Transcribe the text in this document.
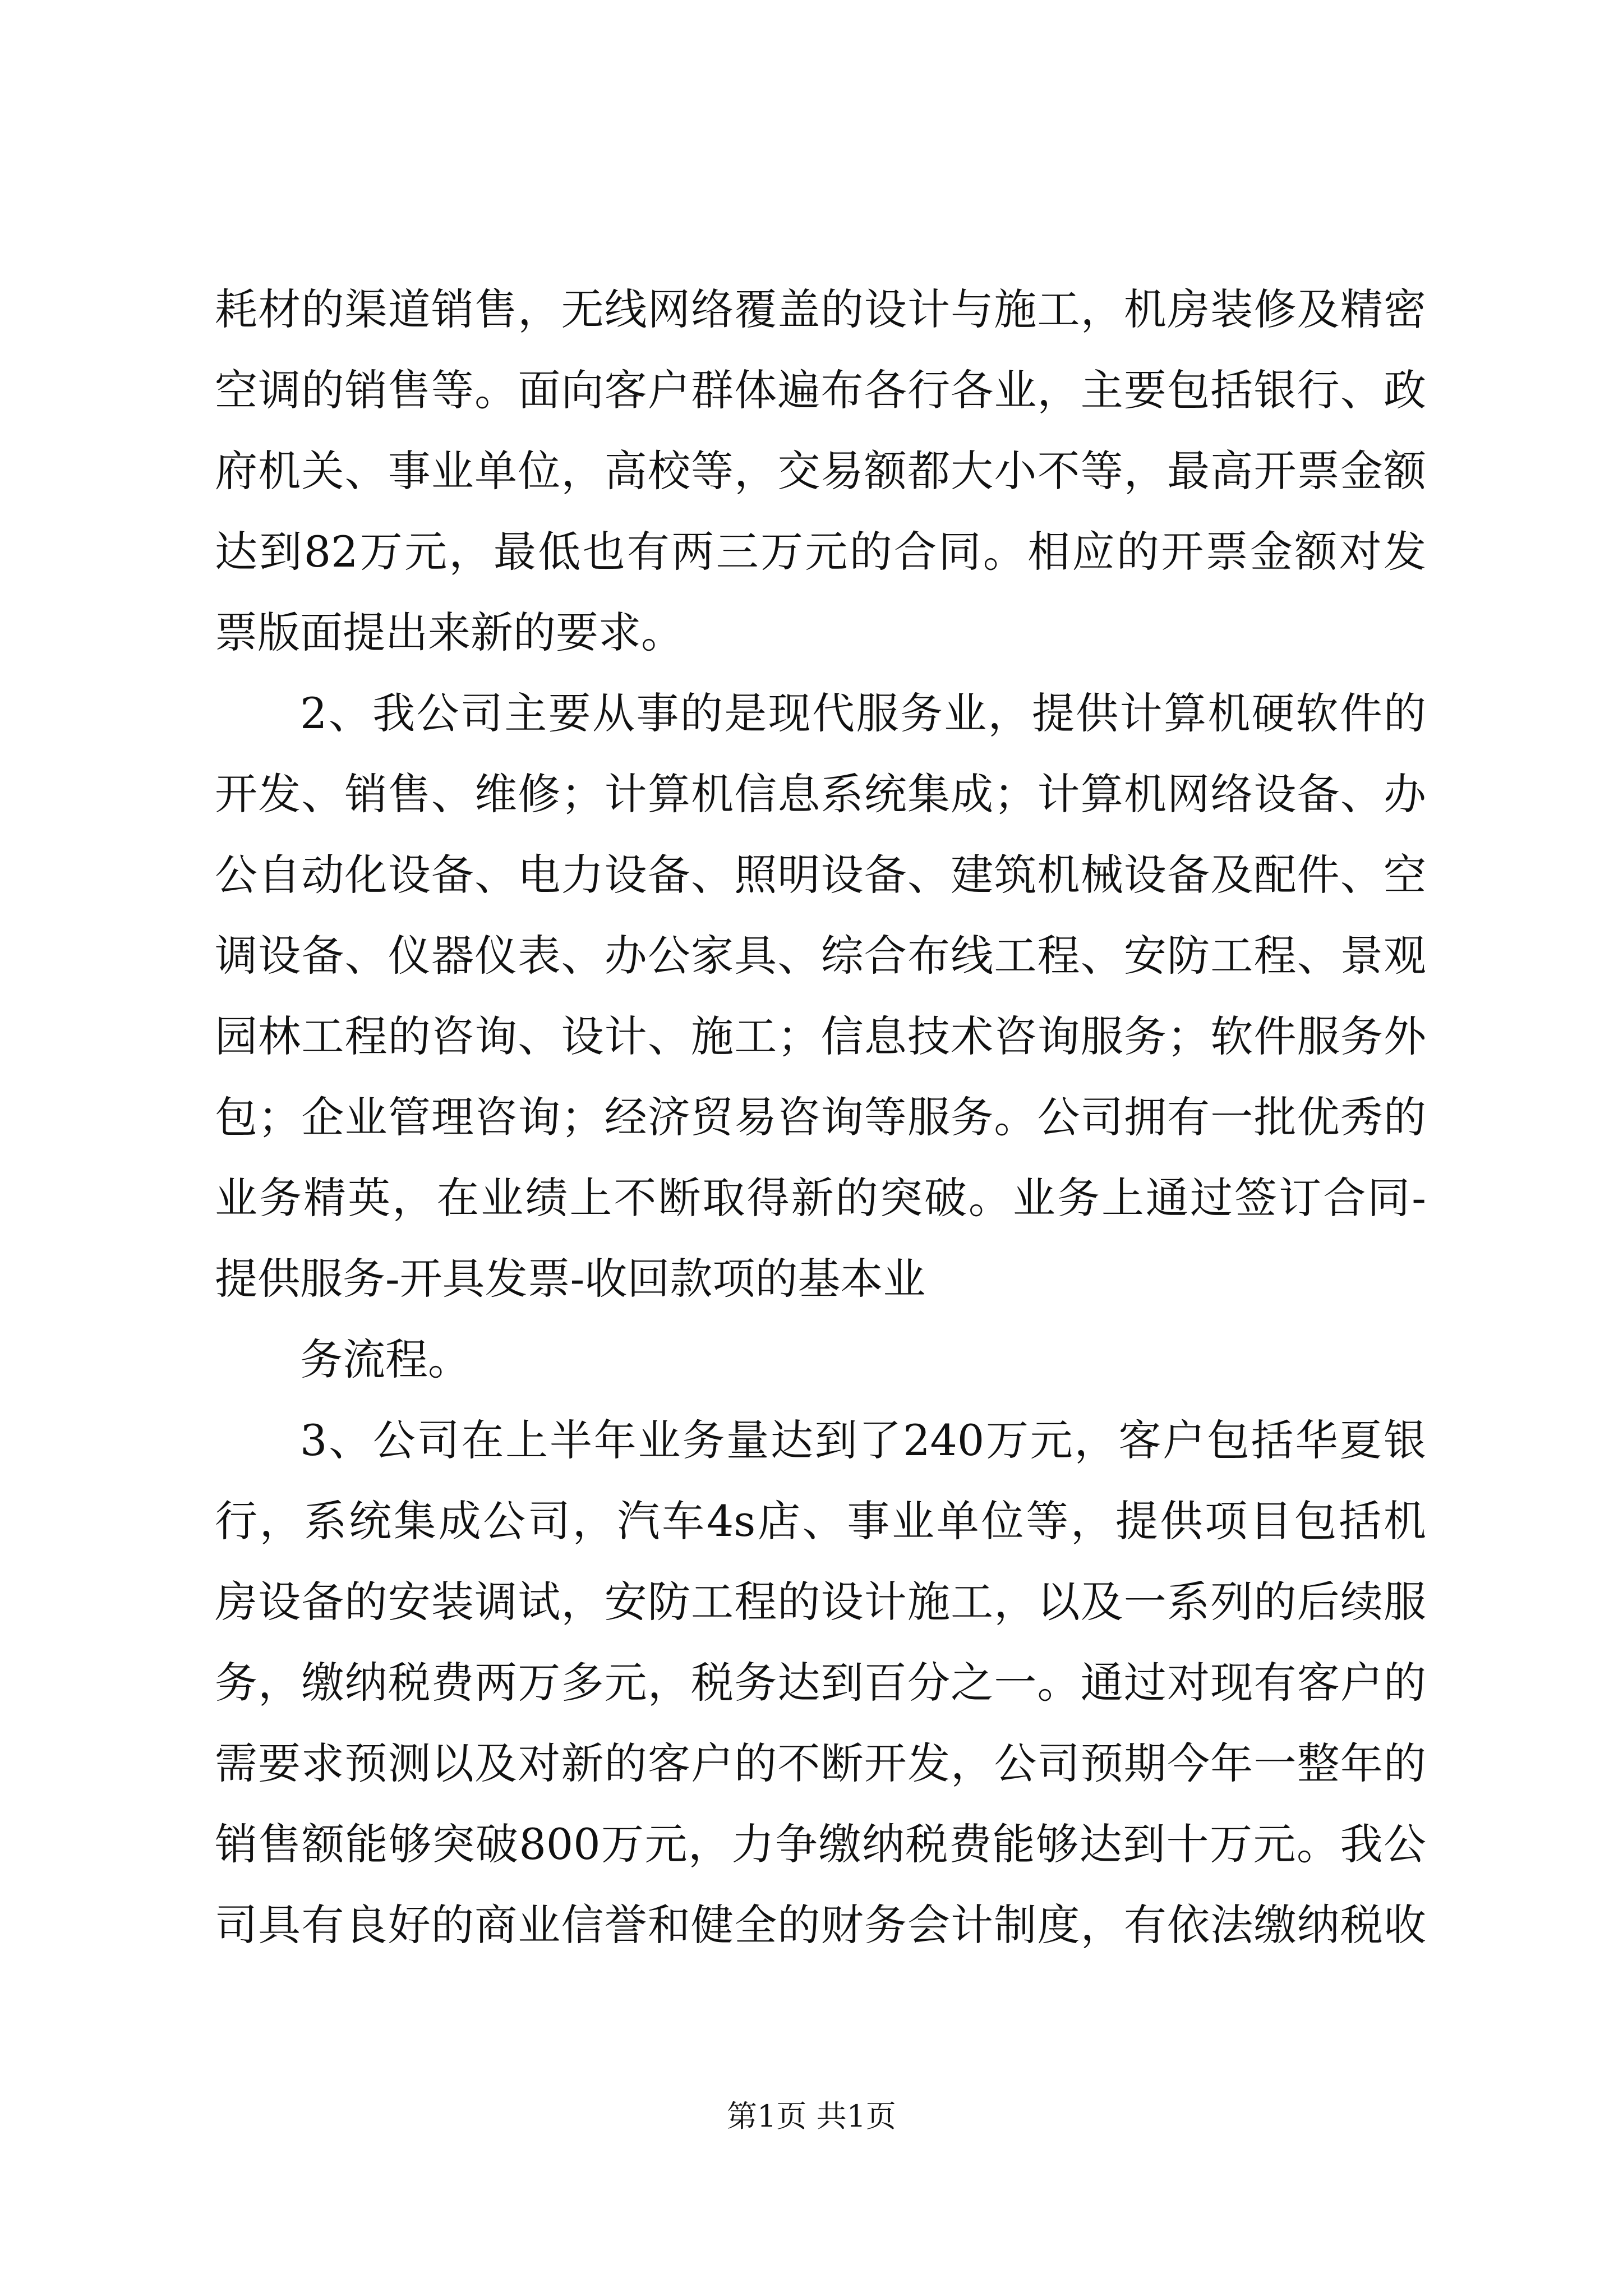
耗材的渠道销售，无线网络覆盖的设计与施工，机房装修及精密
空调的销售等。面向客户群体遍布各行各业，主要包括银行、政
府机关、事业单位，高校等，交易额都大小不等，最高开票金额
达到82万元，最低也有两三万元的合同。相应的开票金额对发
票版面提出来新的要求。
2、我公司主要从事的是现代服务业，提供计算机硬软件的
开发、销售、维修；计算机信息系统集成；计算机网络设备、办
公自动化设备、电力设备、照明设备、建筑机械设备及配件、空
调设备、仪器仪表、办公家具、综合布线工程、安防工程、景观
园林工程的咨询、设计、施工；信息技术咨询服务；软件服务外
包；企业管理咨询；经济贸易咨询等服务。公司拥有一批优秀的
业务精英，在业绩上不断取得新的突破。业务上通过签订合同-
提供服务-开具发票-收回款项的基本业
务流程。
3、公司在上半年业务量达到了240万元，客户包括华夏银
行，系统集成公司，汽车4s店、事业单位等，提供项目包括机
房设备的安装调试，安防工程的设计施工，以及一系列的后续服
务，缴纳税费两万多元，税务达到百分之一。通过对现有客户的
需要求预测以及对新的客户的不断开发，公司预期今年一整年的
销售额能够突破800万元，力争缴纳税费能够达到十万元。我公
司具有良好的商业信誉和健全的财务会计制度，有依法缴纳税收
第1页 共1页
